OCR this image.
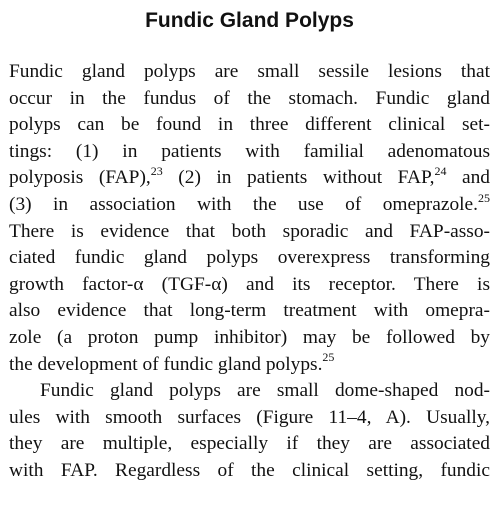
Fundic Gland Polyps
Fundic gland polyps are small sessile lesions that
occur in the fundus of the stomach. Fundic gland
polyps can be found in three different clinical set-
tings: (1) in patients with familial adenomatous
polyposis (FAP),$^{23}$ (2) in patients without FAP,$^{24}$ and
(3) in association with the use of omeprazole.$^{25}$
There is evidence that both sporadic and FAP-asso-
ciated fundic gland polyps overexpress transforming
growth factor-α (TGF-α) and its receptor. There is
also evidence that long-term treatment with omepra-
zole (a proton pump inhibitor) may be followed by
the development of fundic gland polyps.$^{25}$
Fundic gland polyps are small dome-shaped nod-
ules with smooth surfaces (Figure 11–4, A). Usually,
they are multiple, especially if they are associated
with FAP. Regardless of the clinical setting, fundic
